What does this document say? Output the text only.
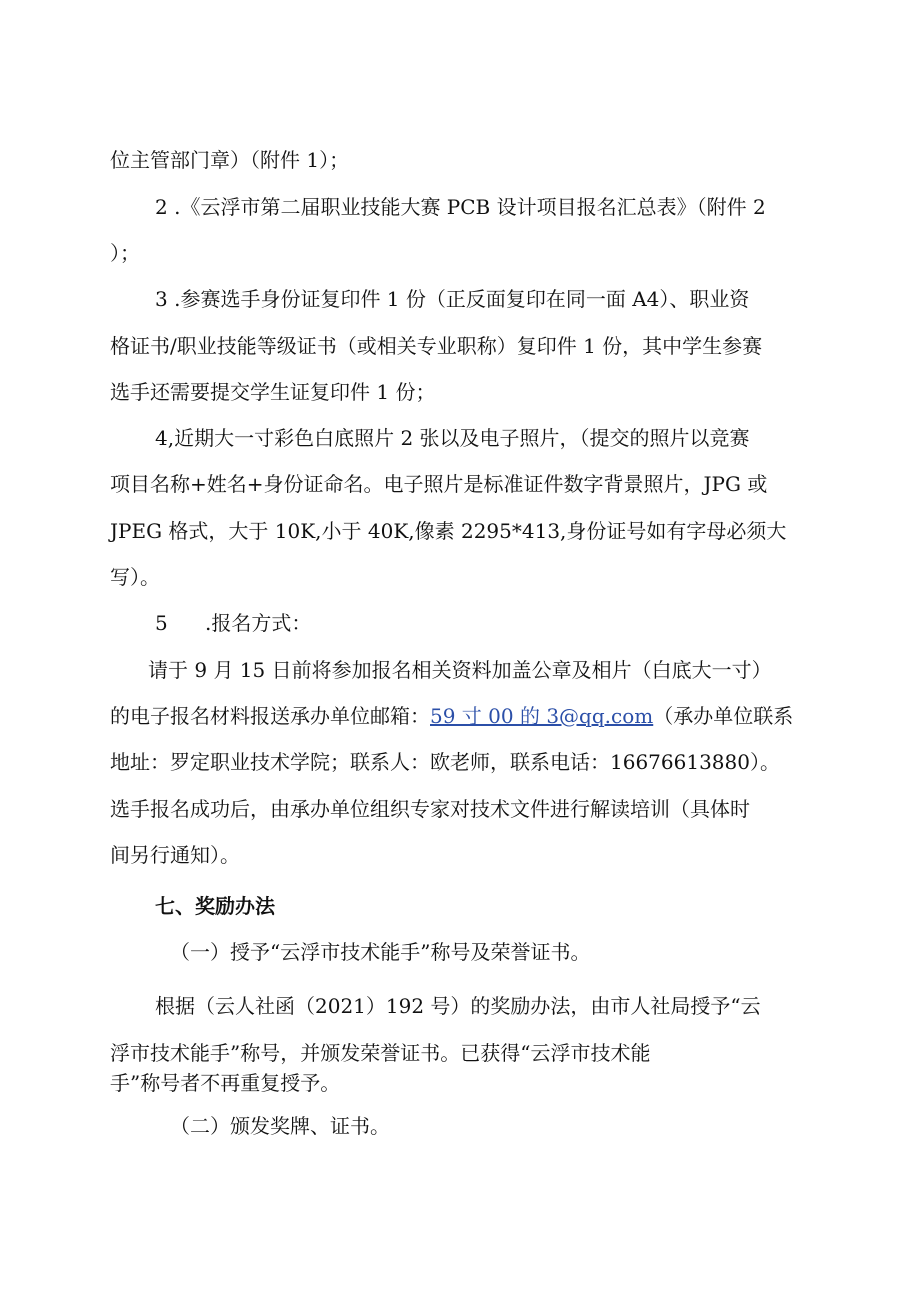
位主管部门章）（附件 1）；
2 .《云浮市第二届职业技能大赛 PCB 设计项目报名汇总表》（附件 2
）；
3 .参赛选手身份证复印件 1 份（正反面复印在同一面 A4）、职业资
格证书/职业技能等级证书（或相关专业职称）复印件 1 份，其中学生参赛
选手还需要提交学生证复印件 1 份；
4,近期大一寸彩色白底照片 2 张以及电子照片，（提交的照片以竞赛
项目名称+姓名+身份证命名。电子照片是标准证件数字背景照片，JPG 或
JPEG 格式，大于 10K,小于 40K,像素 2295*413,身份证号如有字母必须大
写）。
5 .报名方式：
请于 9 月 15 日前将参加报名相关资料加盖公章及相片（白底大一寸）
的电子报名材料报送承办单位邮箱：59 寸 00 的 3@qq.com（承办单位联系
地址：罗定职业技术学院；联系人：欧老师，联系电话：16676613880）。
选手报名成功后，由承办单位组织专家对技术文件进行解读培训（具体时
间另行通知）。
七、奖励办法
（一）授予“云浮市技术能手”称号及荣誉证书。
根据（云人社函（2021）192 号）的奖励办法，由市人社局授予“云
浮市技术能手”称号，并颁发荣誉证书。已获得“云浮市技术能
手”称号者不再重复授予。
（二）颁发奖牌、证书。
